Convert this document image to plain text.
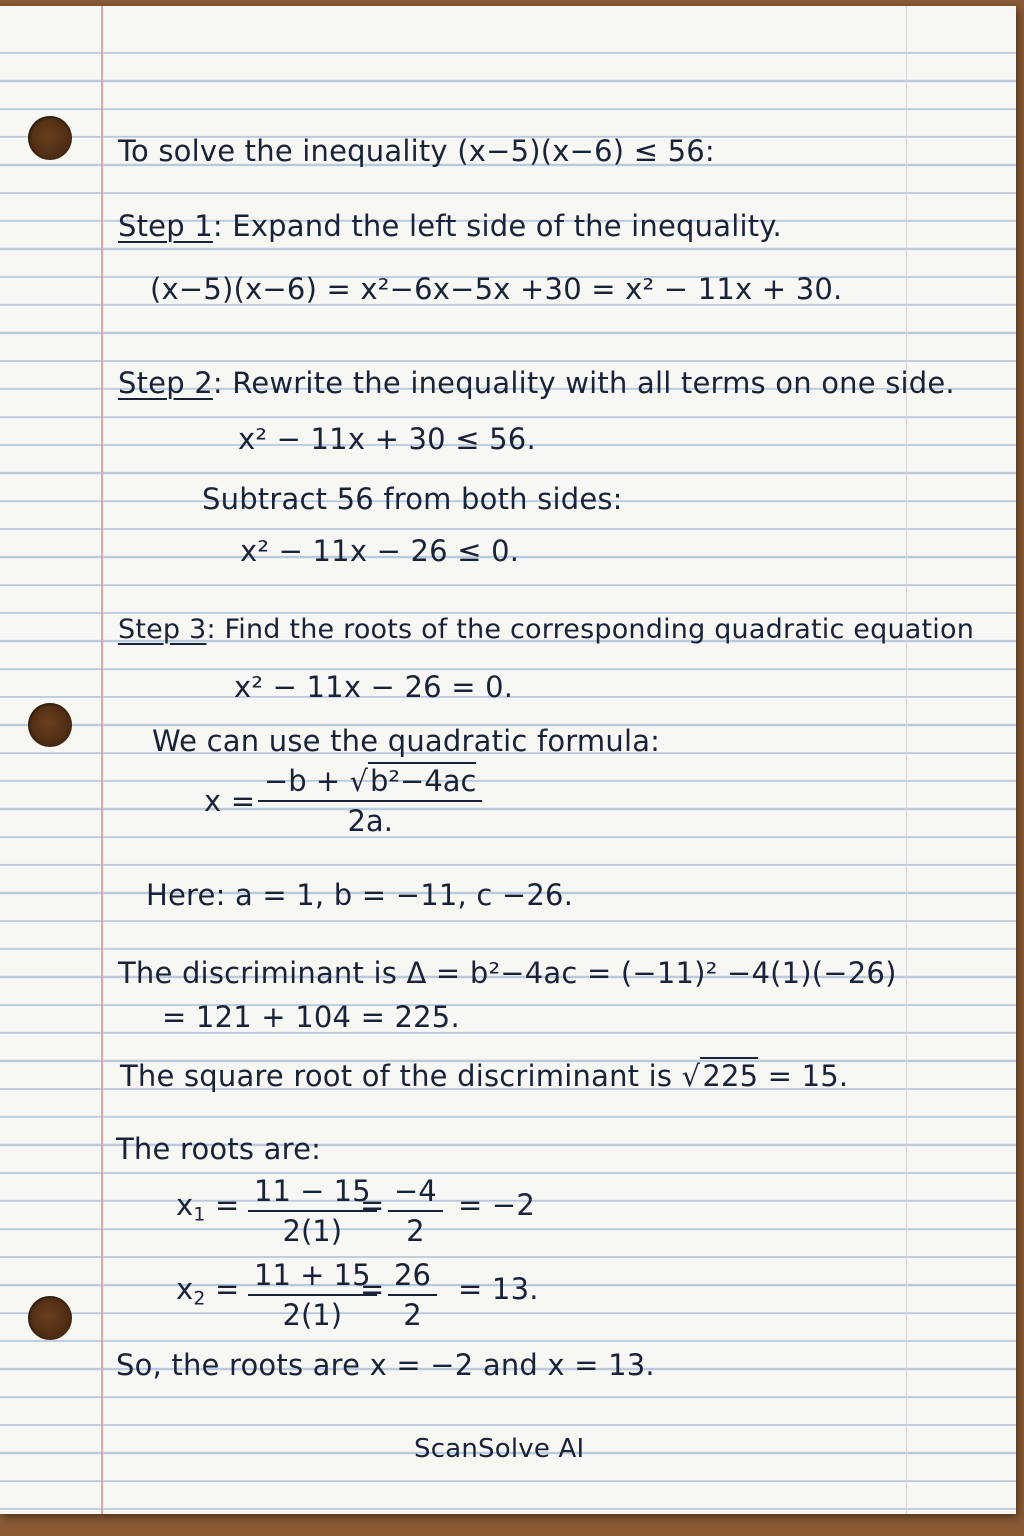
To solve the inequality (x−5)(x−6) ≤ 56:
Step 1: Expand the left side of the inequality.
(x−5)(x−6) = x²−6x−5x +30 = x² − 11x + 30.
Step 2: Rewrite the inequality with all terms on one side.
x² − 11x + 30 ≤ 56.
Subtract 56 from both sides:
x² − 11x − 26 ≤ 0.
Step 3: Find the roots of the corresponding quadratic equation
x² − 11x − 26 = 0.
We can use the quadratic formula:
$x = \frac{\text{−b + √b²−4ac}}{2a.}$
Here: a = 1, b = −11, c −26.
The discriminant is Δ = b²−4ac = (−11)² −4(1)(−26)
= 121 + 104 = 225.
The square root of the discriminant is √225 = 15.
The roots are:
$x_1 = \frac{11 - 15}{2(1)}$
= $\frac{-4}{2} = -2$
$x_2 = \frac{11 + 15}{2(1)}$
= $\frac{26}{2} = 13$.
So, the roots are x = −2 and x = 13.
ScanSolve AI
